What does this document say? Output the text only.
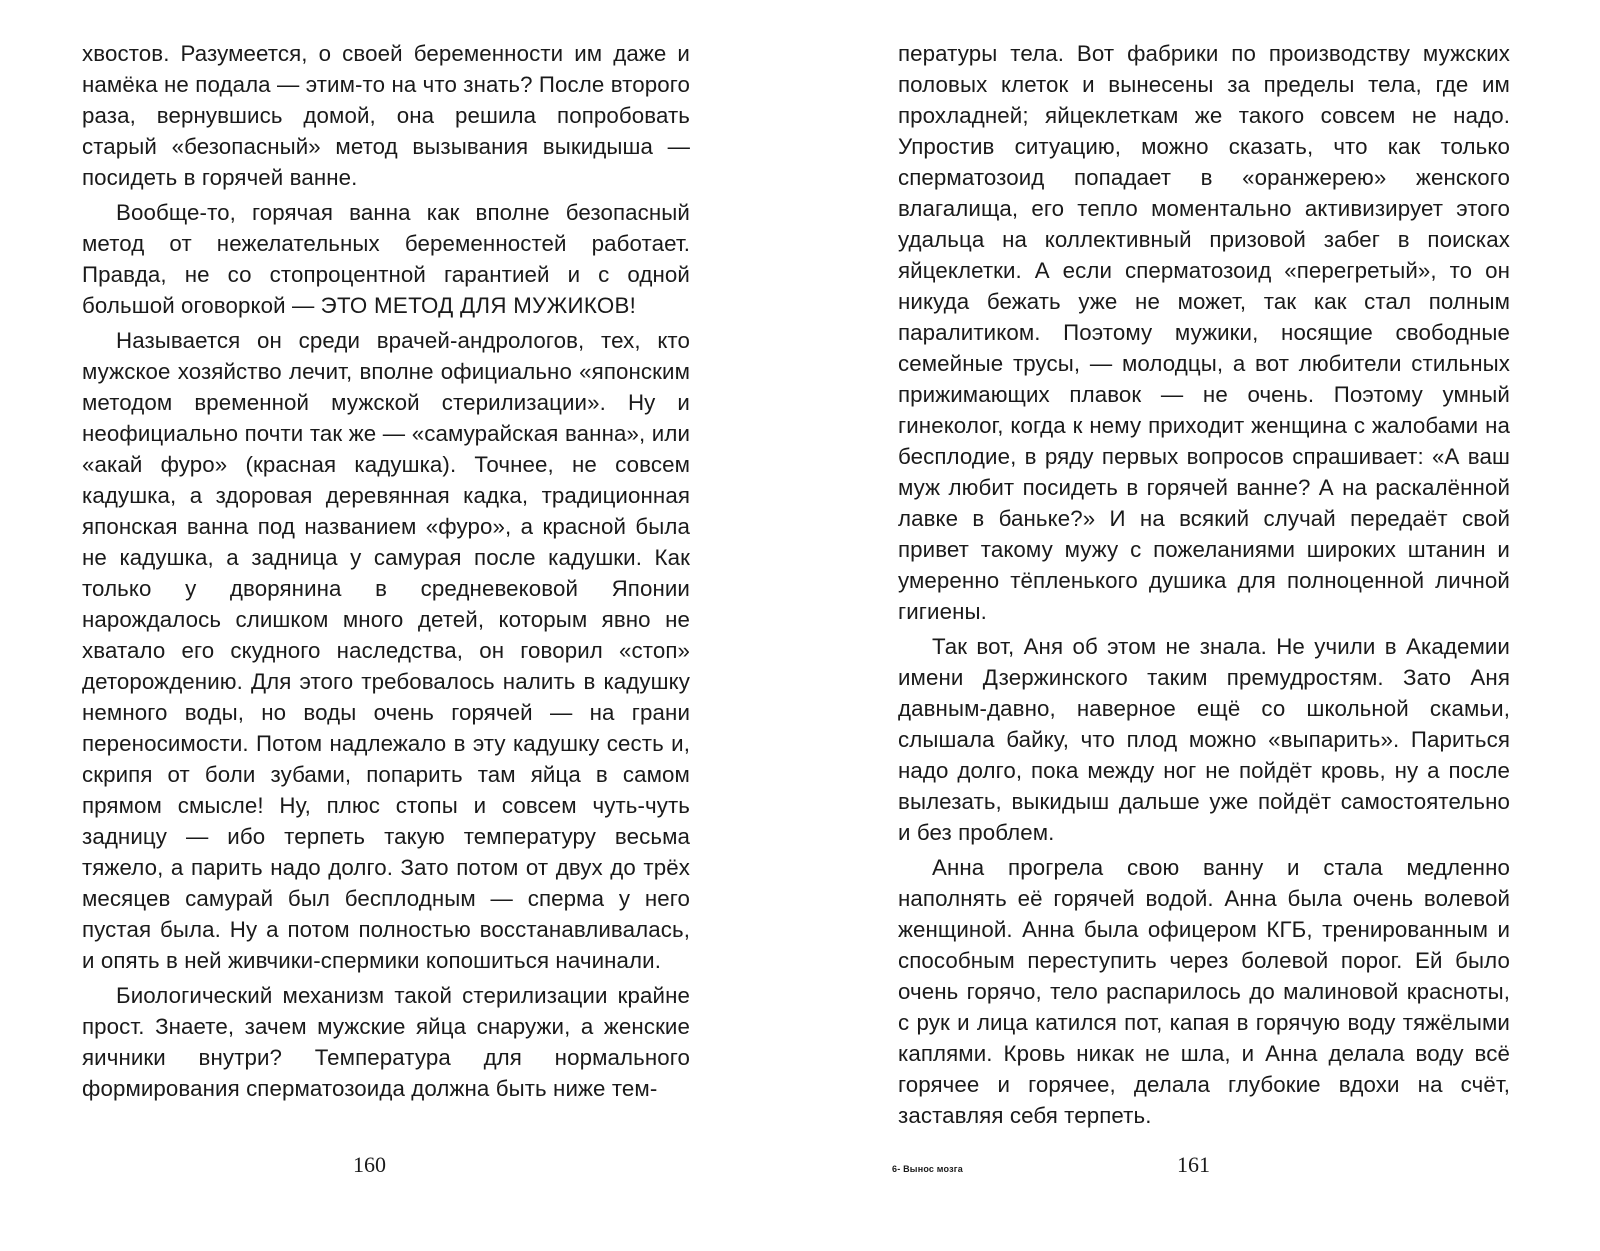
хвостов. Разумеется, о своей беременности им даже и намёка не подала — этим-то на что знать? После второго раза, вернувшись домой, она решила попробовать старый «безопасный» метод вызывания выкидыша — посидеть в горячей ванне.

Вообще-то, горячая ванна как вполне безопасный метод от нежелательных беременностей работает. Правда, не со стопроцентной гарантией и с одной большой оговоркой — ЭТО МЕТОД ДЛЯ МУЖИКОВ!

Называется он среди врачей-андрологов, тех, кто мужское хозяйство лечит, вполне официально «японским методом временной мужской стерилизации». Ну и неофициально почти так же — «самурайская ванна», или «акай фуро» (красная кадушка). Точнее, не совсем кадушка, а здоровая деревянная кадка, традиционная японская ванна под названием «фуро», а красной была не кадушка, а задница у самурая после кадушки. Как только у дворянина в средневековой Японии нарождалось слишком много детей, которым явно не хватало его скудного наследства, он говорил «стоп» деторождению. Для этого требовалось налить в кадушку немного воды, но воды очень горячей — на грани переносимости. Потом надлежало в эту кадушку сесть и, скрипя от боли зубами, попарить там яйца в самом прямом смысле! Ну, плюс стопы и совсем чуть-чуть задницу — ибо терпеть такую температуру весьма тяжело, а парить надо долго. Зато потом от двух до трёх месяцев самурай был бесплодным — сперма у него пустая была. Ну а потом полностью восстанавливалась, и опять в ней живчики-спермики копошиться начинали.

Биологический механизм такой стерилизации крайне прост. Знаете, зачем мужские яйца снаружи, а женские яичники внутри? Температура для нормального формирования сперматозоида должна быть ниже тем-

160

пературы тела. Вот фабрики по производству мужских половых клеток и вынесены за пределы тела, где им прохладней; яйцеклеткам же такого совсем не надо. Упростив ситуацию, можно сказать, что как только сперматозоид попадает в «оранжерею» женского влагалища, его тепло моментально активизирует этого удальца на коллективный призовой забег в поисках яйцеклетки. А если сперматозоид «перегретый», то он никуда бежать уже не может, так как стал полным паралитиком. Поэтому мужики, носящие свободные семейные трусы, — молодцы, а вот любители стильных прижимающих плавок — не очень. Поэтому умный гинеколог, когда к нему приходит женщина с жалобами на бесплодие, в ряду первых вопросов спрашивает: «А ваш муж любит посидеть в горячей ванне? А на раскалённой лавке в баньке?» И на всякий случай передаёт свой привет такому мужу с пожеланиями широких штанин и умеренно тёпленького душика для полноценной личной гигиены.

Так вот, Аня об этом не знала. Не учили в Академии имени Дзержинского таким премудростям. Зато Аня давным-давно, наверное ещё со школьной скамьи, слышала байку, что плод можно «выпарить». Париться надо долго, пока между ног не пойдёт кровь, ну а после вылезать, выкидыш дальше уже пойдёт самостоятельно и без проблем.

Анна прогрела свою ванну и стала медленно наполнять её горячей водой. Анна была очень волевой женщиной. Анна была офицером КГБ, тренированным и способным переступить через болевой порог. Ей было очень горячо, тело распарилось до малиновой красноты, с рук и лица катился пот, капая в горячую воду тяжёлыми каплями. Кровь никак не шла, и Анна делала воду всё горячее и горячее, делала глубокие вдохи на счёт, заставляя себя терпеть.

6- Вынос мозга	161
